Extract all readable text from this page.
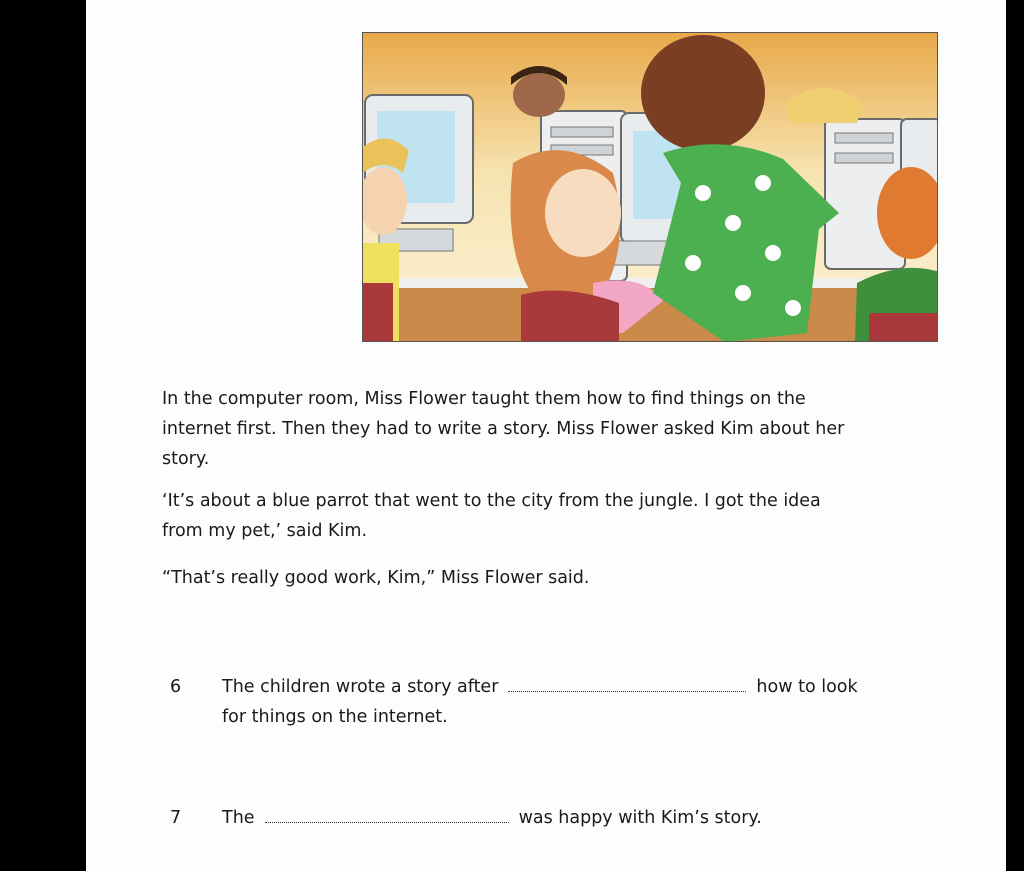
In the computer room, Miss Flower taught them how to find things on the
internet first. Then they had to write a story. Miss Flower asked Kim about her
story.
‘It’s about a blue parrot that went to the city from the jungle. I got the idea
from my pet,’ said Kim.
“That’s really good work, Kim,” Miss Flower said.
6	The children wrote a story after	how to look
for things on the internet.
7	The	was happy with Kim’s story.
